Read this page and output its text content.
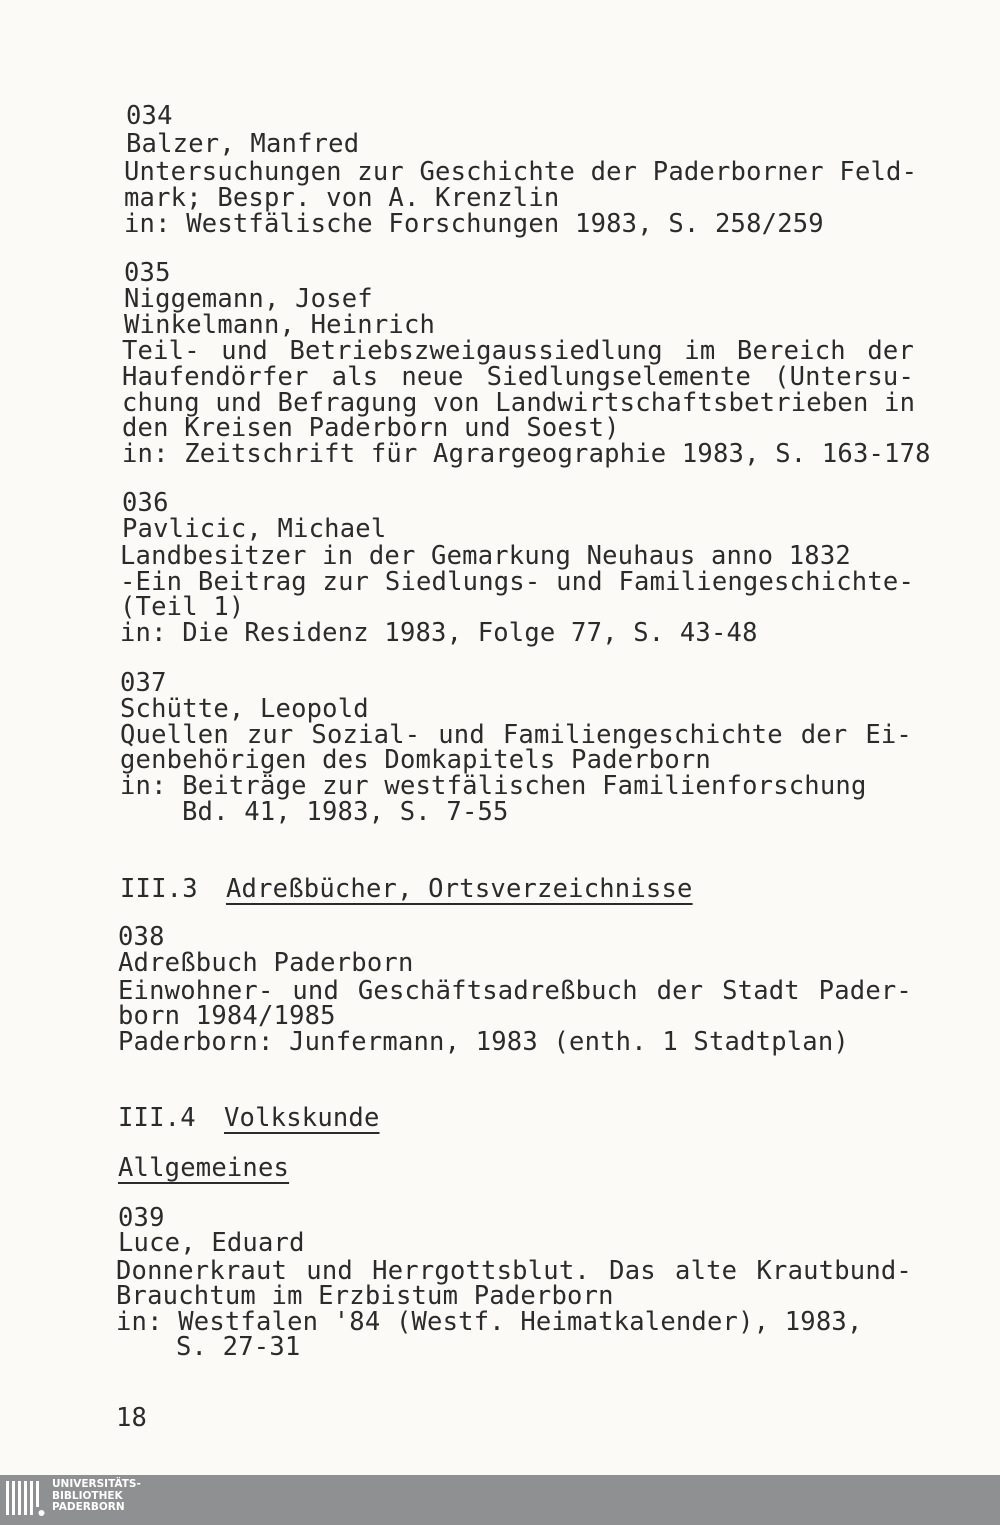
034
Balzer, Manfred
Untersuchungen zur Geschichte der Paderborner Feld-
mark; Bespr. von A. Krenzlin
in: Westfälische Forschungen 1983, S. 258/259
035
Niggemann, Josef
Winkelmann, Heinrich
Teil- und Betriebszweigaussiedlung im Bereich der
Haufendörfer als neue Siedlungselemente (Untersu-
chung und Befragung von Landwirtschaftsbetrieben in
den Kreisen Paderborn und Soest)
in: Zeitschrift für Agrargeographie 1983, S. 163-178
036
Pavlicic, Michael
Landbesitzer in der Gemarkung Neuhaus anno 1832
-Ein Beitrag zur Siedlungs- und Familiengeschichte-
(Teil 1)
in: Die Residenz 1983, Folge 77, S. 43-48
037
Schütte, Leopold
Quellen zur Sozial- und Familiengeschichte der Ei-
genbehörigen des Domkapitels Paderborn
in: Beiträge zur westfälischen Familienforschung
Bd. 41, 1983, S. 7-55
III.3 Adreßbücher, Ortsverzeichnisse
038
Adreßbuch Paderborn
Einwohner- und Geschäftsadreßbuch der Stadt Pader-
born 1984/1985
Paderborn: Junfermann, 1983 (enth. 1 Stadtplan)
III.4 Volkskunde
Allgemeines
039
Luce, Eduard
Donnerkraut und Herrgottsblut. Das alte Krautbund-
Brauchtum im Erzbistum Paderborn
in: Westfalen '84 (Westf. Heimatkalender), 1983,
S. 27-31
18
UNIVERSITÄTS-
BIBLIOTHEK
PADERBORN
